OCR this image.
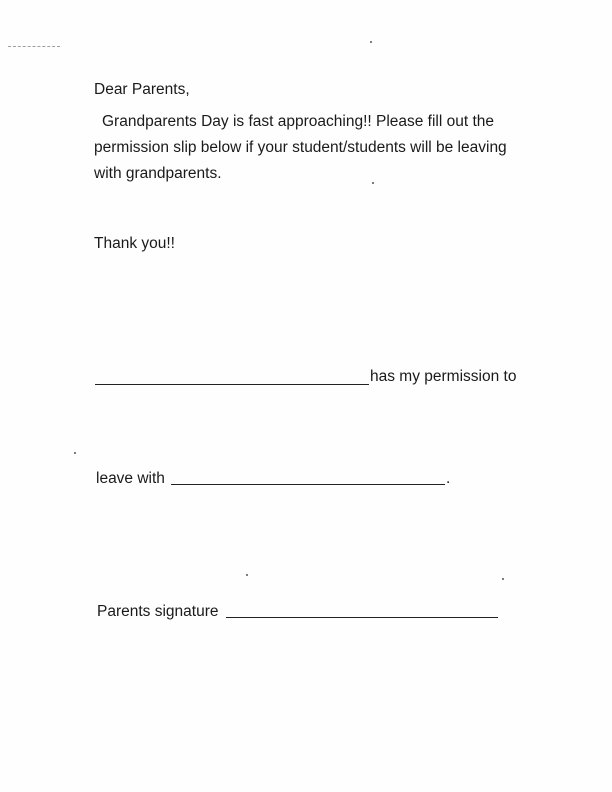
Dear Parents,
Grandparents Day is fast approaching!! Please fill out the permission slip below if your student/students will be leaving with grandparents.
Thank you!!
has my permission to
leave with	.
Parents signature
